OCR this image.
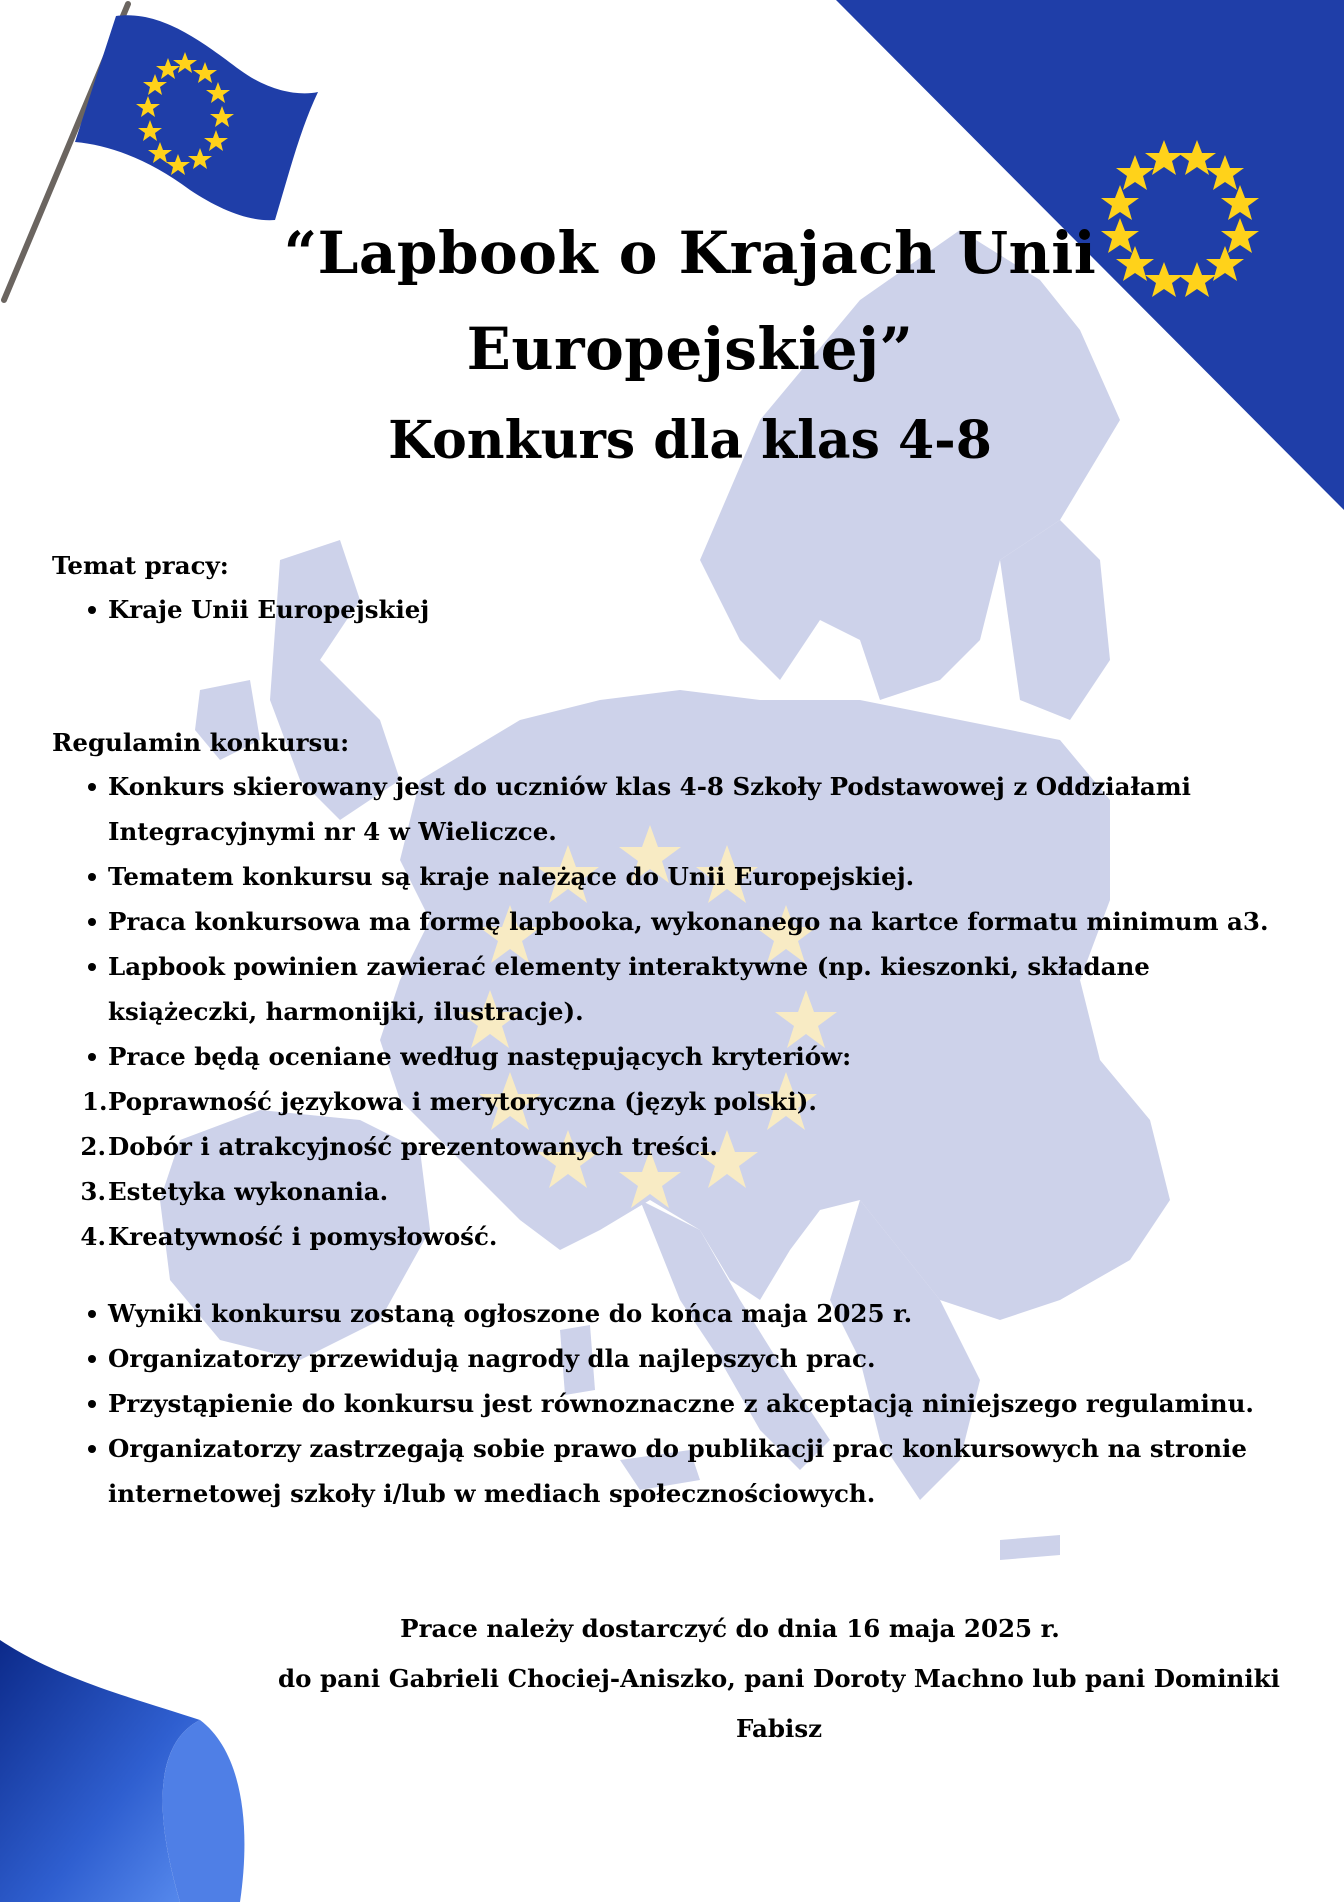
“Lapbook o Krajach Unii
Europejskiej”
Konkurs dla klas 4-8
Temat pracy:
Kraje Unii Europejskiej
Regulamin konkursu:
Konkurs skierowany jest do uczniów klas 4-8 Szkoły Podstawowej z Oddziałami
Integracyjnymi nr 4 w Wieliczce.
Tematem konkursu są kraje należące do Unii Europejskiej.
Praca konkursowa ma formę lapbooka, wykonanego na kartce formatu minimum a3.
Lapbook powinien zawierać elementy interaktywne (np. kieszonki, składane
książeczki, harmonijki, ilustracje).
Prace będą oceniane według następujących kryteriów:
1. Poprawność językowa i merytoryczna (język polski).
2. Dobór i atrakcyjność prezentowanych treści.
3. Estetyka wykonania.
4. Kreatywność i pomysłowość.
Wyniki konkursu zostaną ogłoszone do końca maja 2025 r.
Organizatorzy przewidują nagrody dla najlepszych prac.
Przystąpienie do konkursu jest równoznaczne z akceptacją niniejszego regulaminu.
Organizatorzy zastrzegają sobie prawo do publikacji prac konkursowych na stronie
internetowej szkoły i/lub w mediach społecznościowych.
Prace należy dostarczyć do dnia 16 maja 2025 r.
do pani Gabrieli Chociej-Aniszko, pani Doroty Machno lub pani Dominiki Fabisz
